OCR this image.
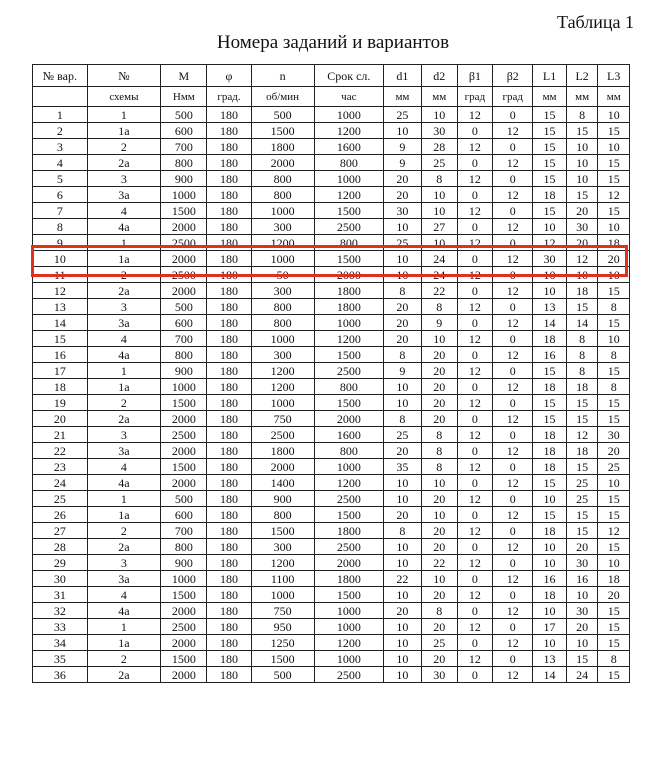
Таблица 1
Номера заданий и вариантов
№ вар.	№	M	φ	n	Срок сл.	d1	d2	β1	β2	L1	L2	L3
	схемы	Нмм	град.	об/мин	час	мм	мм	град	град	мм	мм	мм
1	1	500	180	500	1000	25	10	12	0	15	8	10
2	1a	600	180	1500	1200	10	30	0	12	15	15	15
3	2	700	180	1800	1600	9	28	12	0	15	10	10
4	2a	800	180	2000	800	9	25	0	12	15	10	15
5	3	900	180	800	1000	20	8	12	0	15	10	15
6	3a	1000	180	800	1200	20	10	0	12	18	15	12
7	4	1500	180	1000	1500	30	10	12	0	15	20	15
8	4a	2000	180	300	2500	10	27	0	12	10	30	10
9	1	2500	180	1200	800	25	10	12	0	12	20	18
10	1a	2000	180	1000	1500	10	24	0	12	30	12	20
11	2	2500	180	50	2000	10	24	12	0	10	10	10
12	2a	2000	180	300	1800	8	22	0	12	10	18	15
13	3	500	180	800	1800	20	8	12	0	13	15	8
14	3a	600	180	800	1000	20	9	0	12	14	14	15
15	4	700	180	1000	1200	20	10	12	0	18	8	10
16	4a	800	180	300	1500	8	20	0	12	16	8	8
17	1	900	180	1200	2500	9	20	12	0	15	8	15
18	1a	1000	180	1200	800	10	20	0	12	18	18	8
19	2	1500	180	1000	1500	10	20	12	0	15	15	15
20	2a	2000	180	750	2000	8	20	0	12	15	15	15
21	3	2500	180	2500	1600	25	8	12	0	18	12	30
22	3a	2000	180	1800	800	20	8	0	12	18	18	20
23	4	1500	180	2000	1000	35	8	12	0	18	15	25
24	4a	2000	180	1400	1200	10	10	0	12	15	25	10
25	1	500	180	900	2500	10	20	12	0	10	25	15
26	1a	600	180	800	1500	20	10	0	12	15	15	15
27	2	700	180	1500	1800	8	20	12	0	18	15	12
28	2a	800	180	300	2500	10	20	0	12	10	20	15
29	3	900	180	1200	2000	10	22	12	0	10	30	10
30	3a	1000	180	1100	1800	22	10	0	12	16	16	18
31	4	1500	180	1000	1500	10	20	12	0	18	10	20
32	4a	2000	180	750	1000	20	8	0	12	10	30	15
33	1	2500	180	950	1000	10	20	12	0	17	20	15
34	1a	2000	180	1250	1200	10	25	0	12	10	10	15
35	2	1500	180	1500	1000	10	20	12	0	13	15	8
36	2a	2000	180	500	2500	10	30	0	12	14	24	15
